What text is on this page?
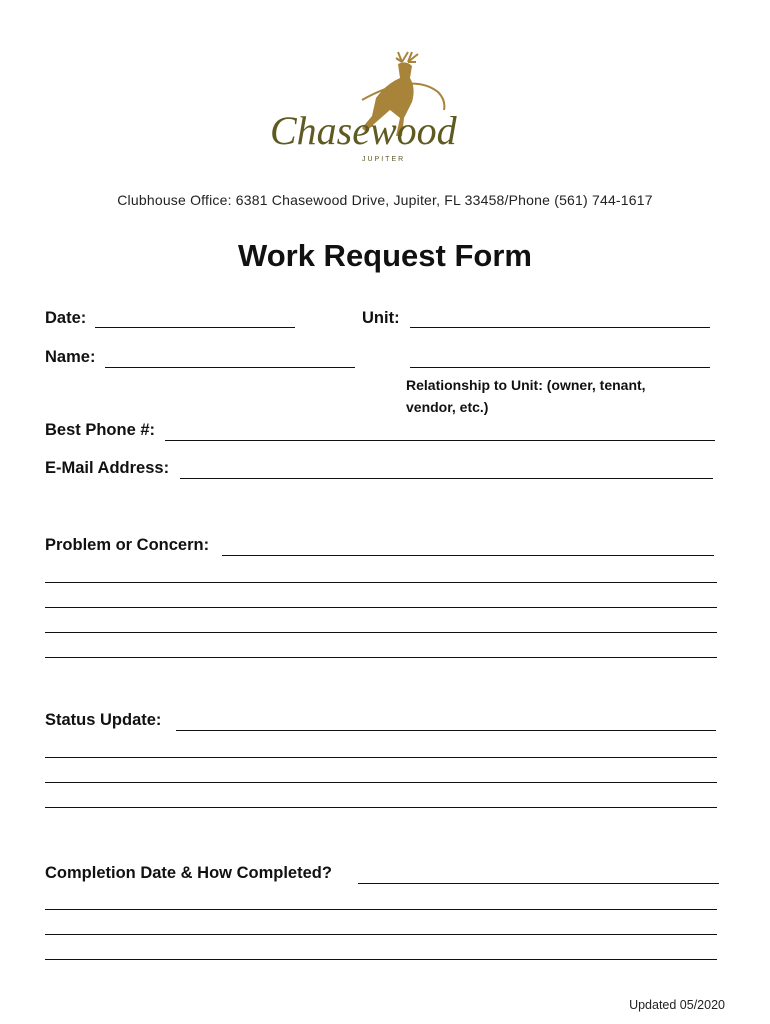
Chasewood
JUPITER
Clubhouse Office: 6381 Chasewood Drive, Jupiter, FL 33458/Phone (561) 744-1617
Work Request Form
Date:	Unit:
Name:
Relationship to Unit: (owner, tenant,
vendor, etc.)
Best Phone #:
E-Mail Address:
Problem or Concern:
Status Update:
Completion Date & How Completed?
Updated 05/2020
